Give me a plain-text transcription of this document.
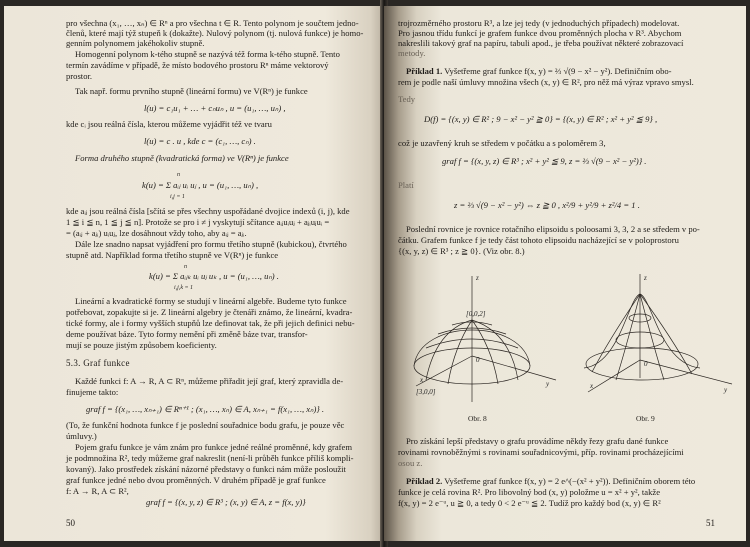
pro všechna (x₁, …, xₙ) ∈ Rⁿ a pro všechna t ∈ R. Tento polynom je součtem jedno-
členů, které mají týž stupeň k (dokažte). Nulový polynom (tj. nulová funkce) je homo-
genním polynomem jakéhokoliv stupně.
Homogenní polynom k-tého stupně se nazývá též forma k-tého stupně. Tento
termín zavádíme v případě, že místo bodového prostoru Rⁿ máme vektorový
prostor.
Tak např. formu prvního stupně (lineární formu) ve V(Rⁿ) je funkce
l(u) = c₁u₁ + … + cₙuₙ , u = (u₁, …, uₙ) ,
kde cᵢ jsou reálná čísla, kterou můžeme vyjádřit též ve tvaru
l(u) = c . u , kde c = (c₁, …, cₙ) .
Forma druhého stupně (kvadratická forma) ve V(Rⁿ) je funkce
k(u) = Σ aᵢⱼ uᵢ uⱼ , u = (u₁, …, uₙ) ,
n
i,j = 1
kde aᵢⱼ jsou reálná čísla [sčítá se přes všechny uspořádané dvojice indexů (i, j), kde
1 ≦ i ≦ n, 1 ≦ j ≦ n]. Protože se pro i ≠ j vyskytují sčítance aᵢⱼuᵢuⱼ + aⱼᵢuⱼuᵢ =
= (aᵢⱼ + aⱼᵢ) uᵢuⱼ, lze dosáhnout vždy toho, aby aᵢⱼ = aⱼᵢ.
Dále lze snadno napsat vyjádření pro formu třetího stupně (kubickou), čtvrtého
stupně atd. Například forma třetího stupně ve V(Rⁿ) je funkce
k(u) = Σ aᵢⱼₖ uᵢ uⱼ uₖ , u = (u₁, …, uₙ) .
n
i,j,k = 1
Lineární a kvadratické formy se studují v lineární algebře. Budeme tyto funkce
potřebovat, zopakujte si je. Z lineární algebry je čtenáři známo, že lineární, kvadra-
tické formy, ale i formy vyšších stupňů lze definovat tak, že při jejich definici nebu-
deme používat báze. Tyto formy nemění při změně báze tvar, transfor-
mují se pouze jistým způsobem koeficienty.
5.3. Graf funkce
Každé funkci f: A → R, A ⊂ Rⁿ, můžeme přiřadit její graf, který zpravidla de-
finujeme takto:
graf f = {(x₁, …, xₙ₊₁) ∈ Rⁿ⁺¹ ; (x₁, …, xₙ) ∈ A, xₙ₊₁ = f(x₁, …, xₙ)} .
(To, že funkční hodnota funkce f je poslední souřadnice bodu grafu, je pouze věc
úmluvy.)
Pojem grafu funkce je vám znám pro funkce jedné reálné proměnné, kdy grafem
je podmnožina R², tedy můžeme graf nakreslit (není-li průběh funkce příliš kompli-
kovaný). Jako prostředek získání názorné představy o funkci nám může posloužit
graf funkce jedné nebo dvou proměnných. V druhém případě je graf funkce
f: A → R, A ⊂ R²,
graf f = {(x, y, z) ∈ R³ ; (x, y) ∈ A, z = f(x, y)}
50
trojrozměrného prostoru R³, a lze jej tedy (v jednoduchých případech) modelovat.
Pro jasnou třídu funkcí je grafem funkce dvou proměnných plocha v R³. Abychom
nakreslili takový graf na papíru, tabuli apod., je třeba používat některé zobrazovací
metody.
Příklad 1. Vyšetřeme graf funkce f(x, y) = ⅔ √(9 − x² − y²). Definičním obo-
rem je podle naší úmluvy množina všech (x, y) ∈ R², pro něž má výraz vpravo smysl.
Tedy
D(f) = {(x, y) ∈ R² ; 9 − x² − y² ≧ 0} = {(x, y) ∈ R² ; x² + y² ≦ 9} ,
což je uzavřený kruh se středem v počátku a s poloměrem 3,
graf f = {(x, y, z) ∈ R³ ; x² + y² ≦ 9, z = ⅔ √(9 − x² − y²)} .
Platí
z = ⅔ √(9 − x² − y²) ⇔ z ≧ 0 , x²/9 + y²/9 + z²/4 = 1 .
Poslední rovnice je rovnice rotačního elipsoidu s poloosami 3, 3, 2 a se středem v po-
čátku. Grafem funkce f je tedy část tohoto elipsoidu nacházející se v poloprostoru
{(x, y, z) ∈ R³ ; z ≧ 0}. (Viz obr. 8.)
z
[0,0,2]
0
x	y
[3,0,0]
Obr. 8
z
0
x	y
Obr. 9
Pro získání lepší představy o grafu provádíme někdy řezy grafu dané funkce
rovinami rovnoběžnými s rovinami souřadnicovými, příp. rovinami procházejícími
osou z.
Příklad 2. Vyšetřeme graf funkce f(x, y) = 2 e^(−(x² + y²)). Definičním oborem této
funkce je celá rovina R². Pro libovolný bod (x, y) položme u = x² + y², takže
f(x, y) = 2 e⁻ᵘ, u ≧ 0, a tedy 0 < 2 e⁻ᵘ ≦ 2. Tudíž pro každý bod (x, y) ∈ R²
51
